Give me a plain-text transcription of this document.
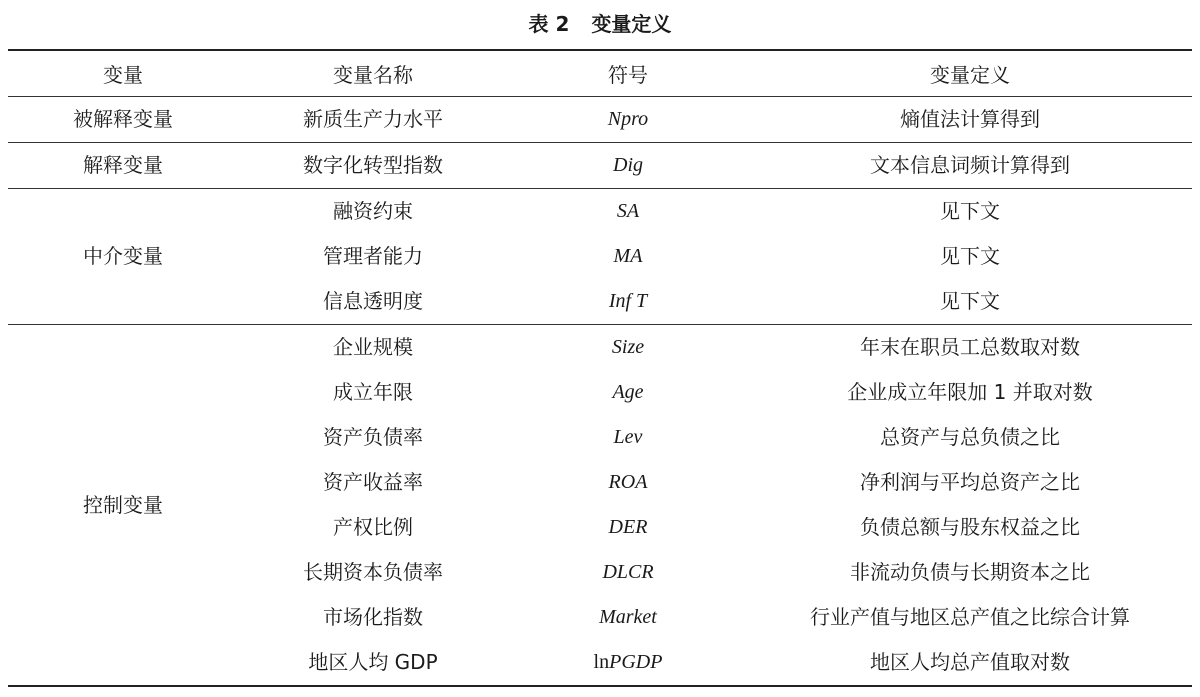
表 2 变量定义
变量	变量名称	符号	变量定义
被解释变量	新质生产力水平	Npro	熵值法计算得到
解释变量	数字化转型指数	Dig	文本信息词频计算得到
中介变量	融资约束	SA	见下文
	管理者能力	MA	见下文
	信息透明度	Inf T	见下文
控制变量	企业规模	Size	年末在职员工总数取对数
	成立年限	Age	企业成立年限加 1 并取对数
	资产负债率	Lev	总资产与总负债之比
	资产收益率	ROA	净利润与平均总资产之比
	产权比例	DER	负债总额与股东权益之比
	长期资本负债率	DLCR	非流动负债与长期资本之比
	市场化指数	Market	行业产值与地区总产值之比综合计算
	地区人均 GDP	lnPGDP	地区人均总产值取对数
